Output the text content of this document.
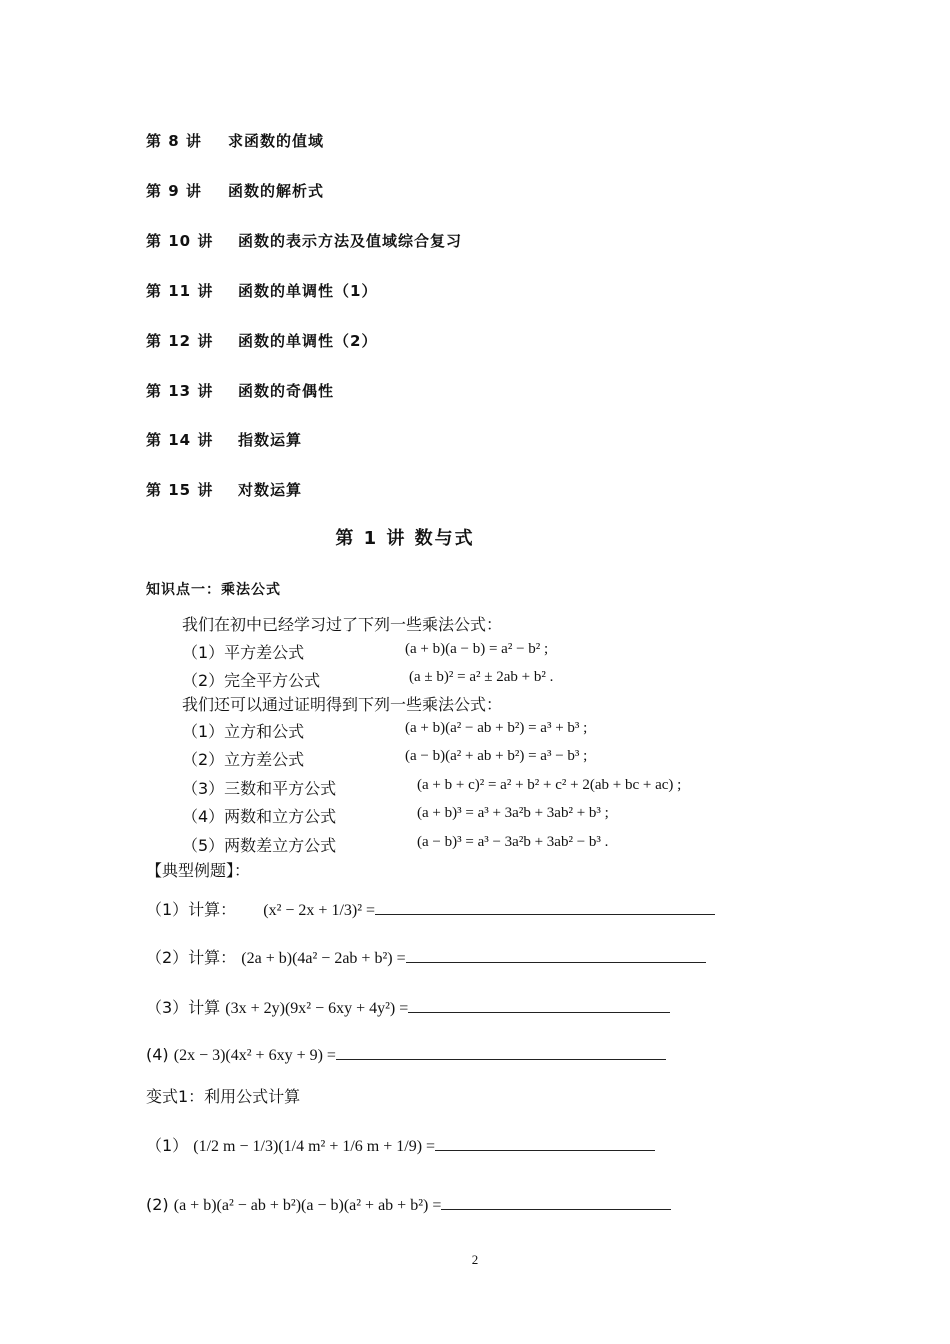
第 8 讲 求函数的值域
第 9 讲 函数的解析式
第 10 讲 函数的表示方法及值域综合复习
第 11 讲 函数的单调性（1）
第 12 讲 函数的单调性（2）
第 13 讲 函数的奇偶性
第 14 讲 指数运算
第 15 讲 对数运算
第 1 讲 数与式
知识点一：乘法公式
我们在初中已经学习过了下列一些乘法公式：
（1）平方差公式	(a + b)(a − b) = a² − b² ;
（2）完全平方公式	(a ± b)² = a² ± 2ab + b² .
我们还可以通过证明得到下列一些乘法公式：
（1）立方和公式	(a + b)(a² − ab + b²) = a³ + b³ ;
（2）立方差公式	(a − b)(a² + ab + b²) = a³ − b³ ;
（3）三数和平方公式	(a + b + c)² = a² + b² + c² + 2(ab + bc + ac) ;
（4）两数和立方公式	(a + b)³ = a³ + 3a²b + 3ab² + b³ ;
（5）两数差立方公式	(a − b)³ = a³ − 3a²b + 3ab² − b³ .
【典型例题】：
（1）计算： (x² − 2x + 1/3)² =
（2）计算： (2a + b)(4a² − 2ab + b²) =
（3）计算 (3x + 2y)(9x² − 6xy + 4y²) =
(4) (2x − 3)(4x² + 6xy + 9) =
变式1：利用公式计算
（1） (1/2 m − 1/3)(1/4 m² + 1/6 m + 1/9) =
(2) (a + b)(a² − ab + b²)(a − b)(a² + ab + b²) =
2
